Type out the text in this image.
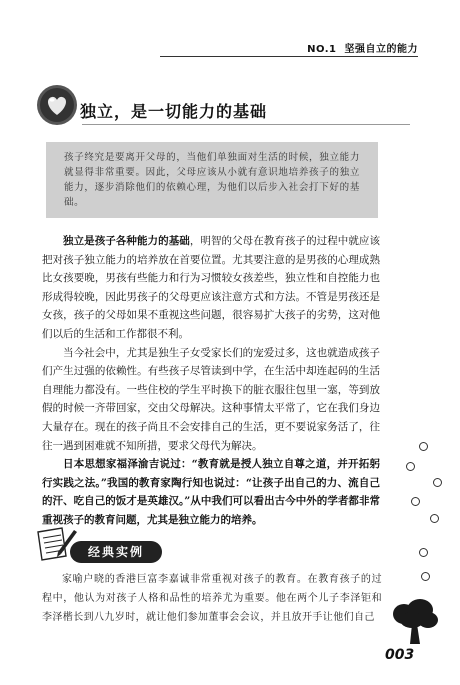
NO.1 坚强自立的能力
独立，是一切能力的基础
孩子终究是要离开父母的，当他们单独面对生活的时候，独立能力就显得非常重要。因此，父母应该从小就有意识地培养孩子的独立能力，逐步消除他们的依赖心理，为他们以后步入社会打下好的基础。

独立是孩子各种能力的基础，明智的父母在教育孩子的过程中就应该把对孩子独立能力的培养放在首要位置。尤其要注意的是男孩的心理成熟比女孩要晚，男孩有些能力和行为习惯较女孩差些，独立性和自控能力也形成得较晚，因此男孩子的父母更应该注意方式和方法。不管是男孩还是女孩，孩子的父母如果不重视这些问题，很容易扩大孩子的劣势，这对他们以后的生活和工作都很不利。

当今社会中，尤其是独生子女受家长们的宠爱过多，这也就造成孩子们产生过强的依赖性。有些孩子尽管读到中学，在生活中却连起码的生活自理能力都没有。一些住校的学生平时换下的脏衣服往包里一塞，等到放假的时候一齐带回家，交由父母解决。这种事情太平常了，它在我们身边大量存在。现在的孩子尚且不会安排自己的生活，更不要说家务活了，往往一遇到困难就不知所措，要求父母代为解决。

日本思想家福泽渝吉说过：“教育就是授人独立自尊之道，并开拓躬行实践之法。”我国的教育家陶行知也说过：“让孩子出自己的力、流自己的汗、吃自己的饭才是英雄汉。”从中我们可以看出古今中外的学者都非常重视孩子的教育问题，尤其是独立能力的培养。

经典实例

家喻户晓的香港巨富李嘉诚非常重视对孩子的教育。在教育孩子的过程中，他认为对孩子人格和品性的培养尤为重要。他在两个儿子李泽钜和李泽楷长到八九岁时，就让他们参加董事会会议，并且放开手让他们自己

003
